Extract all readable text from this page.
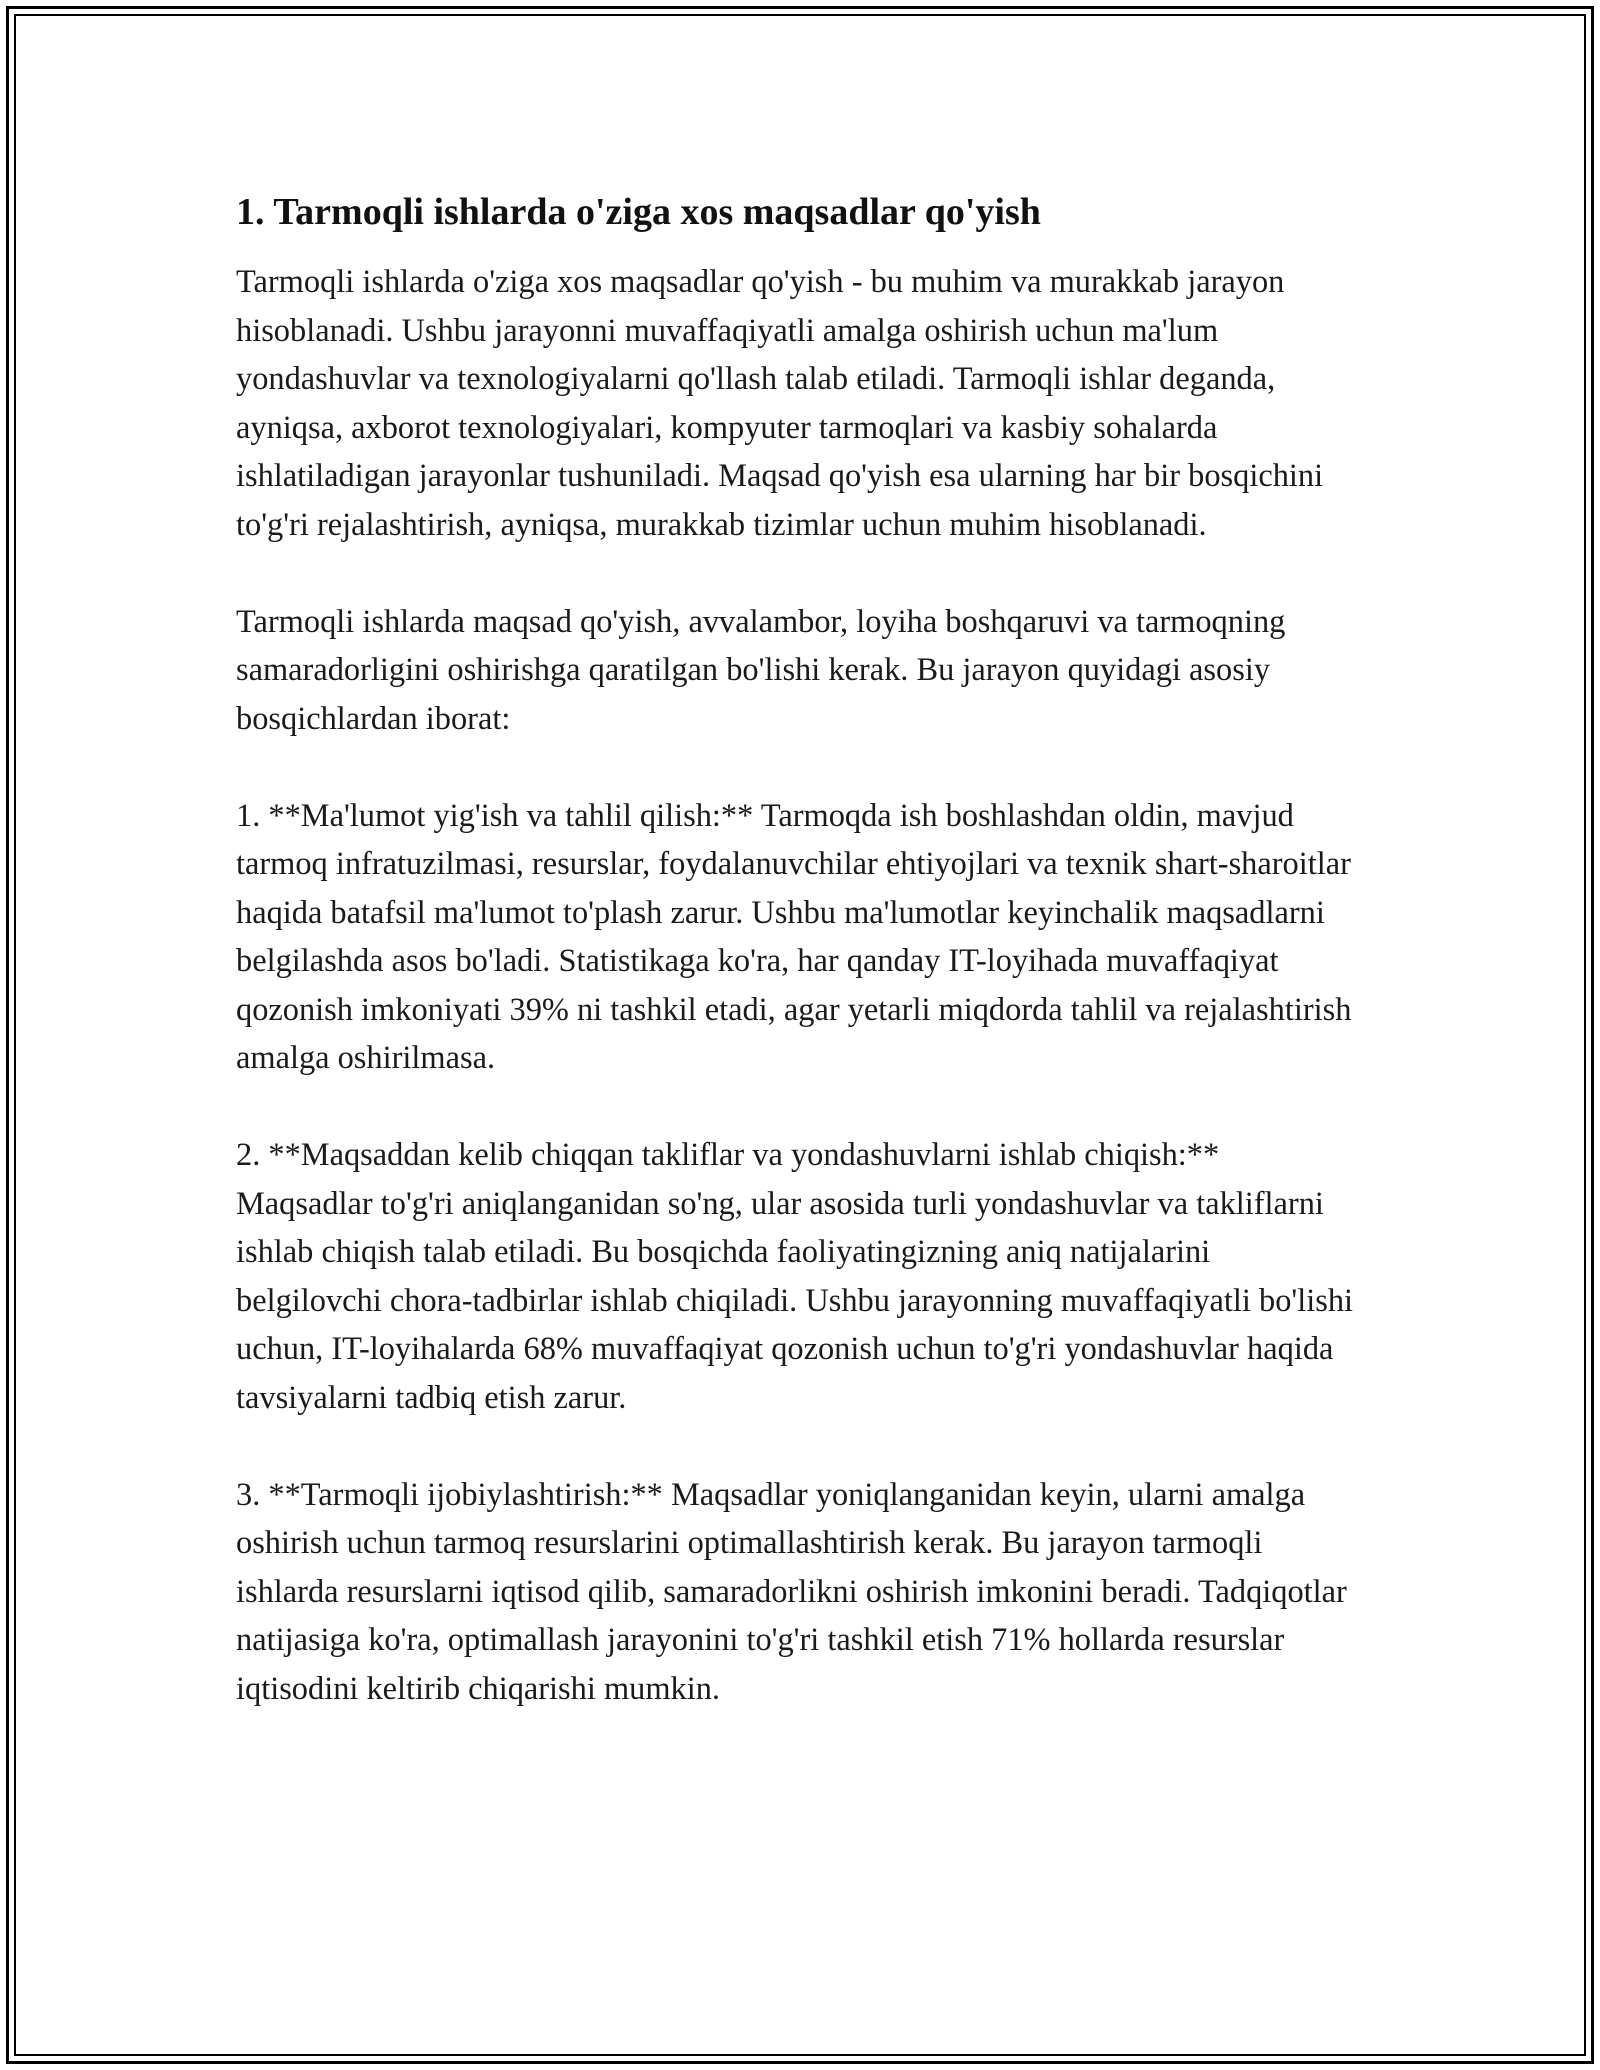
1. Tarmoqli ishlarda o'ziga xos maqsadlar qo'yish

Tarmoqli ishlarda o'ziga xos maqsadlar qo'yish - bu muhim va murakkab jarayon hisoblanadi. Ushbu jarayonni muvaffaqiyatli amalga oshirish uchun ma'lum yondashuvlar va texnologiyalarni qo'llash talab etiladi. Tarmoqli ishlar deganda, ayniqsa, axborot texnologiyalari, kompyuter tarmoqlari va kasbiy sohalarda ishlatiladigan jarayonlar tushuniladi. Maqsad qo'yish esa ularning har bir bosqichini to'g'ri rejalashtirish, ayniqsa, murakkab tizimlar uchun muhim hisoblanadi.

Tarmoqli ishlarda maqsad qo'yish, avvalambor, loyiha boshqaruvi va tarmoqning samaradorligini oshirishga qaratilgan bo'lishi kerak. Bu jarayon quyidagi asosiy bosqichlardan iborat:

1. **Ma'lumot yig'ish va tahlil qilish:** Tarmoqda ish boshlashdan oldin, mavjud tarmoq infratuzilmasi, resurslar, foydalanuvchilar ehtiyojlari va texnik shart-sharoitlar haqida batafsil ma'lumot to'plash zarur. Ushbu ma'lumotlar keyinchalik maqsadlarni belgilashda asos bo'ladi. Statistikaga ko'ra, har qanday IT-loyihada muvaffaqiyat qozonish imkoniyati 39% ni tashkil etadi, agar yetarli miqdorda tahlil va rejalashtirish amalga oshirilmasa.

2. **Maqsaddan kelib chiqqan takliflar va yondashuvlarni ishlab chiqish:** Maqsadlar to'g'ri aniqlanganidan so'ng, ular asosida turli yondashuvlar va takliflarni ishlab chiqish talab etiladi. Bu bosqichda faoliyatingizning aniq natijalarini belgilovchi chora-tadbirlar ishlab chiqiladi. Ushbu jarayonning muvaffaqiyatli bo'lishi uchun, IT-loyihalarda 68% muvaffaqiyat qozonish uchun to'g'ri yondashuvlar haqida tavsiyalarni tadbiq etish zarur.

3. **Tarmoqli ijobiylashtirish:** Maqsadlar yoniqlanganidan keyin, ularni amalga oshirish uchun tarmoq resurslarini optimallashtirish kerak. Bu jarayon tarmoqli ishlarda resurslarni iqtisod qilib, samaradorlikni oshirish imkonini beradi. Tadqiqotlar natijasiga ko'ra, optimallash jarayonini to'g'ri tashkil etish 71% hollarda resurslar iqtisodini keltirib chiqarishi mumkin.
